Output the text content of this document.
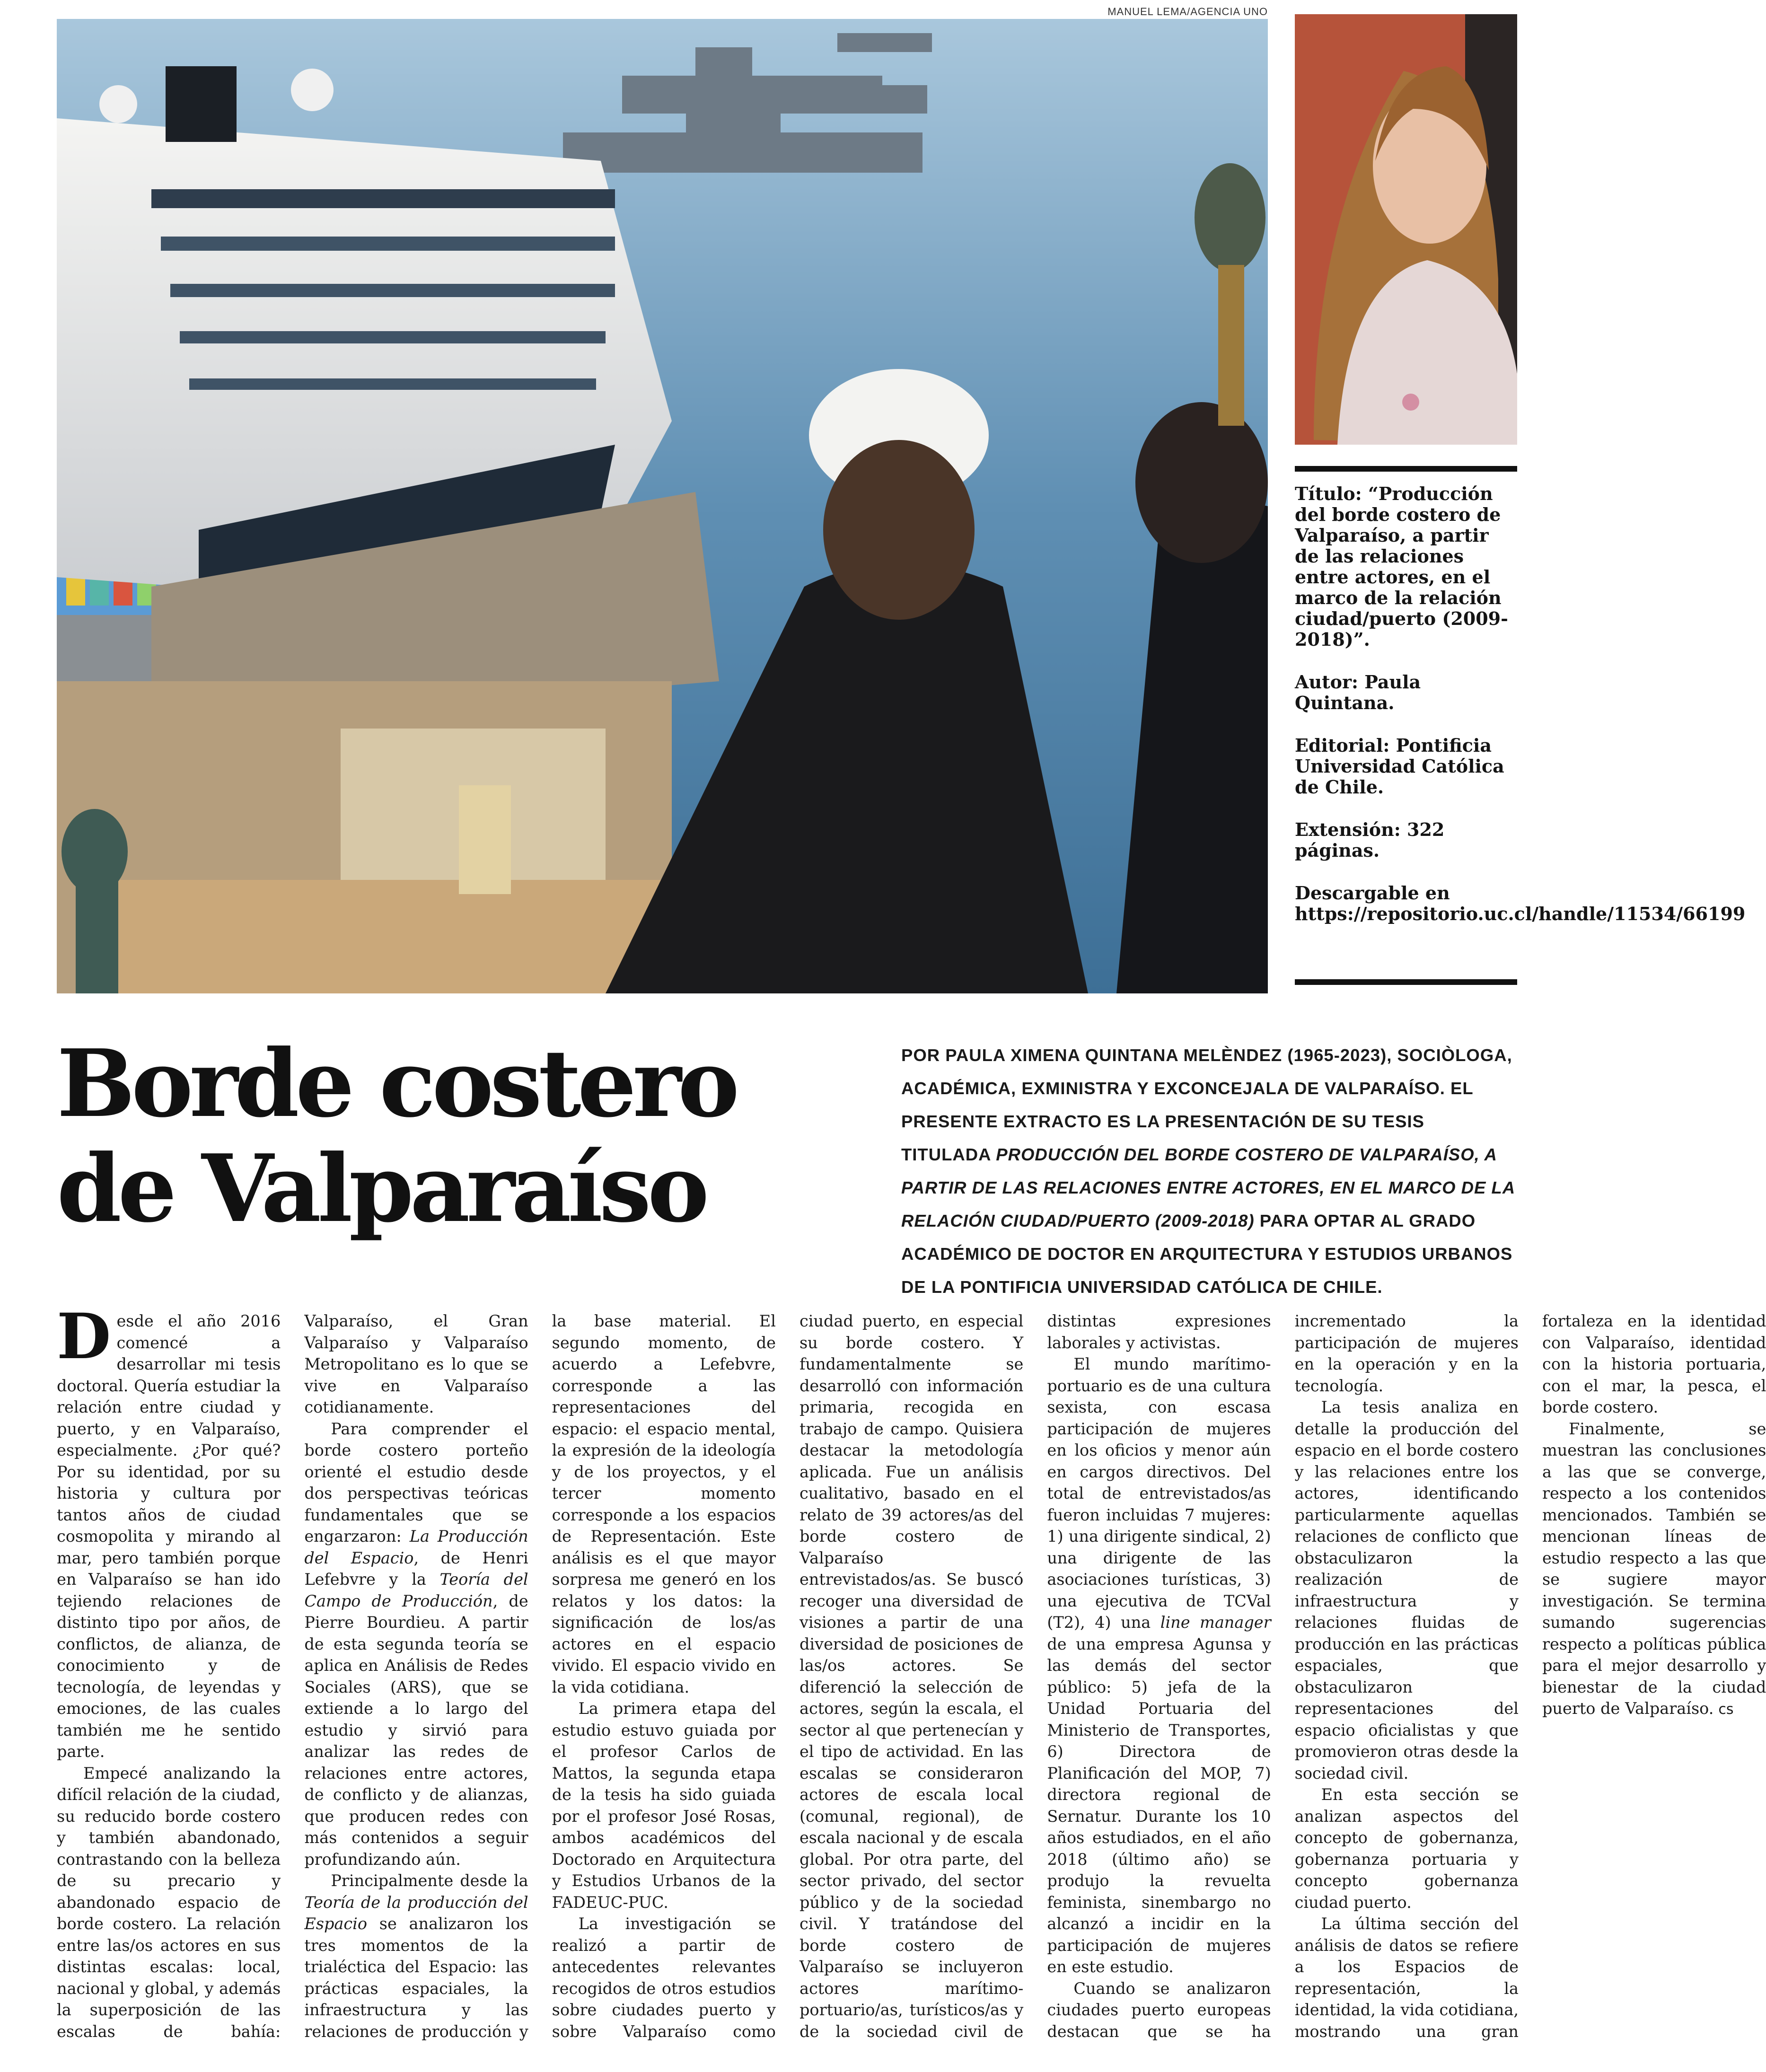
MANUEL LEMA/AGENCIA UNO

Título: “Producción del borde costero de Valparaíso, a partir de las relaciones entre actores, en el marco de la relación ciudad/puerto (2009-2018)”.

Autor: Paula Quintana.

Editorial: Pontificia Universidad Católica de Chile.

Extensión: 322 páginas.

Descargable en https://repositorio.uc.cl/handle/11534/66199

Borde costero
de Valparaíso
POR PAULA XIMENA QUINTANA MELÈNDEZ (1965-2023), SOCIÒLOGA, ACADÉMICA, EXMINISTRA Y EXCONCEJALA DE VALPARAÍSO. EL PRESENTE EXTRACTO ES LA PRESENTACIÓN DE SU TESIS TITULADA PRODUCCIÓN DEL BORDE COSTERO DE VALPARAÍSO, A PARTIR DE LAS RELACIONES ENTRE ACTORES, EN EL MARCO DE LA RELACIÓN CIUDAD/PUERTO (2009-2018) PARA OPTAR AL GRADO ACADÉMICO DE DOCTOR EN ARQUITECTURA Y ESTUDIOS URBANOS DE LA PONTIFICIA UNIVERSIDAD CATÓLICA DE CHILE.

Desde el año 2016 comencé a desarrollar mi tesis doctoral. Quería estudiar la relación entre ciudad y puerto, y en Valparaíso, especialmente. ¿Por qué? Por su identidad, por su historia y cultura por tantos años de ciudad cosmopolita y mirando al mar, pero también porque en Valparaíso se han ido tejiendo relaciones de distinto tipo por años, de conflictos, de alianza, de conocimiento y de tecnología, de leyendas y emociones, de las cuales también me he sentido parte.

Empecé analizando la difícil relación de la ciudad, su reducido borde costero y también abandonado, contrastando con la belleza de su precario y abandonado espacio de borde costero. La relación entre las/os actores en sus distintas escalas: local, nacional y global, y además la superposición de las escalas de bahía: Valparaíso, el Gran Valparaíso y Valparaíso Metropolitano es lo que se vive en Valparaíso cotidianamente.

Para comprender el borde costero porteño orienté el estudio desde dos perspectivas teóricas fundamentales que se engarzaron: La Producción del Espacio, de Henri Lefebvre y la Teoría del Campo de Producción, de Pierre Bourdieu. A partir de esta segunda teoría se aplica en Análisis de Redes Sociales (ARS), que se extiende a lo largo del estudio y sirvió para analizar las redes de relaciones entre actores, de conflicto y de alianzas, que producen redes con más contenidos a seguir profundizando aún.

Principalmente desde la Teoría de la producción del Espacio se analizaron los tres momentos de la trialéctica del Espacio: las prácticas espaciales, la infraestructura y las relaciones de producción y la base material. El segundo momento, de acuerdo a Lefebvre, corresponde a las representaciones del espacio: el espacio mental, la expresión de la ideología y de los proyectos, y el tercer momento corresponde a los espacios de Representación. Este análisis es el que mayor sorpresa me generó en los relatos y los datos: la significación de los/as actores en el espacio vivido. El espacio vivido en la vida cotidiana.

La primera etapa del estudio estuvo guiada por el profesor Carlos de Mattos, la segunda etapa de la tesis ha sido guiada por el profesor José Rosas, ambos académicos del Doctorado en Arquitectura y Estudios Urbanos de la FADEUC-PUC.

La investigación se realizó a partir de antecedentes relevantes recogidos de otros estudios sobre ciudades puerto y sobre Valparaíso como ciudad puerto, en especial su borde costero. Y fundamentalmente se desarrolló con información primaria, recogida en trabajo de campo. Quisiera destacar la metodología aplicada. Fue un análisis cualitativo, basado en el relato de 39 actores/as del borde costero de Valparaíso entrevistados/as. Se buscó recoger una diversidad de visiones a partir de una diversidad de posiciones de las/os actores. Se diferenció la selección de actores, según la escala, el sector al que pertenecían y el tipo de actividad. En las escalas se consideraron actores de escala local (comunal, regional), de escala nacional y de escala global. Por otra parte, del sector privado, del sector público y de la sociedad civil. Y tratándose del borde costero de Valparaíso se incluyeron actores marítimo-portuario/as, turísticos/as y de la sociedad civil de distintas expresiones laborales y activistas.

El mundo marítimo-portuario es de una cultura sexista, con escasa participación de mujeres en los oficios y menor aún en cargos directivos. Del total de entrevistados/as fueron incluidas 7 mujeres: 1) una dirigente sindical, 2) una dirigente de las asociaciones turísticas, 3) una ejecutiva de TCVal (T2), 4) una line manager de una empresa Agunsa y las demás del sector público: 5) jefa de la Unidad Portuaria del Ministerio de Transportes, 6) Directora de Planificación del MOP, 7) directora regional de Sernatur. Durante los 10 años estudiados, en el año 2018 (último año) se produjo la revuelta feminista, sinembargo no alcanzó a incidir en la participación de mujeres en este estudio.

Cuando se analizaron ciudades puerto europeas destacan que se ha incrementado la participación de mujeres en la operación y en la tecnología.

La tesis analiza en detalle la producción del espacio en el borde costero y las relaciones entre los actores, identificando particularmente aquellas relaciones de conflicto que obstaculizaron la realización de infraestructura y relaciones fluidas de producción en las prácticas espaciales, que obstaculizaron representaciones del espacio oficialistas y que promovieron otras desde la sociedad civil.

En esta sección se analizan aspectos del concepto de gobernanza, gobernanza portuaria y concepto gobernanza ciudad puerto.

La última sección del análisis de datos se refiere a los Espacios de representación, la identidad, la vida cotidiana, mostrando una gran fortaleza en la identidad con Valparaíso, identidad con la historia portuaria, con el mar, la pesca, el borde costero.

Finalmente, se muestran las conclusiones a las que se converge, respecto a los contenidos mencionados. También se mencionan líneas de estudio respecto a las que se sugiere mayor investigación. Se termina sumando sugerencias respecto a políticas pública para el mejor desarrollo y bienestar de la ciudad puerto de Valparaíso. cs
